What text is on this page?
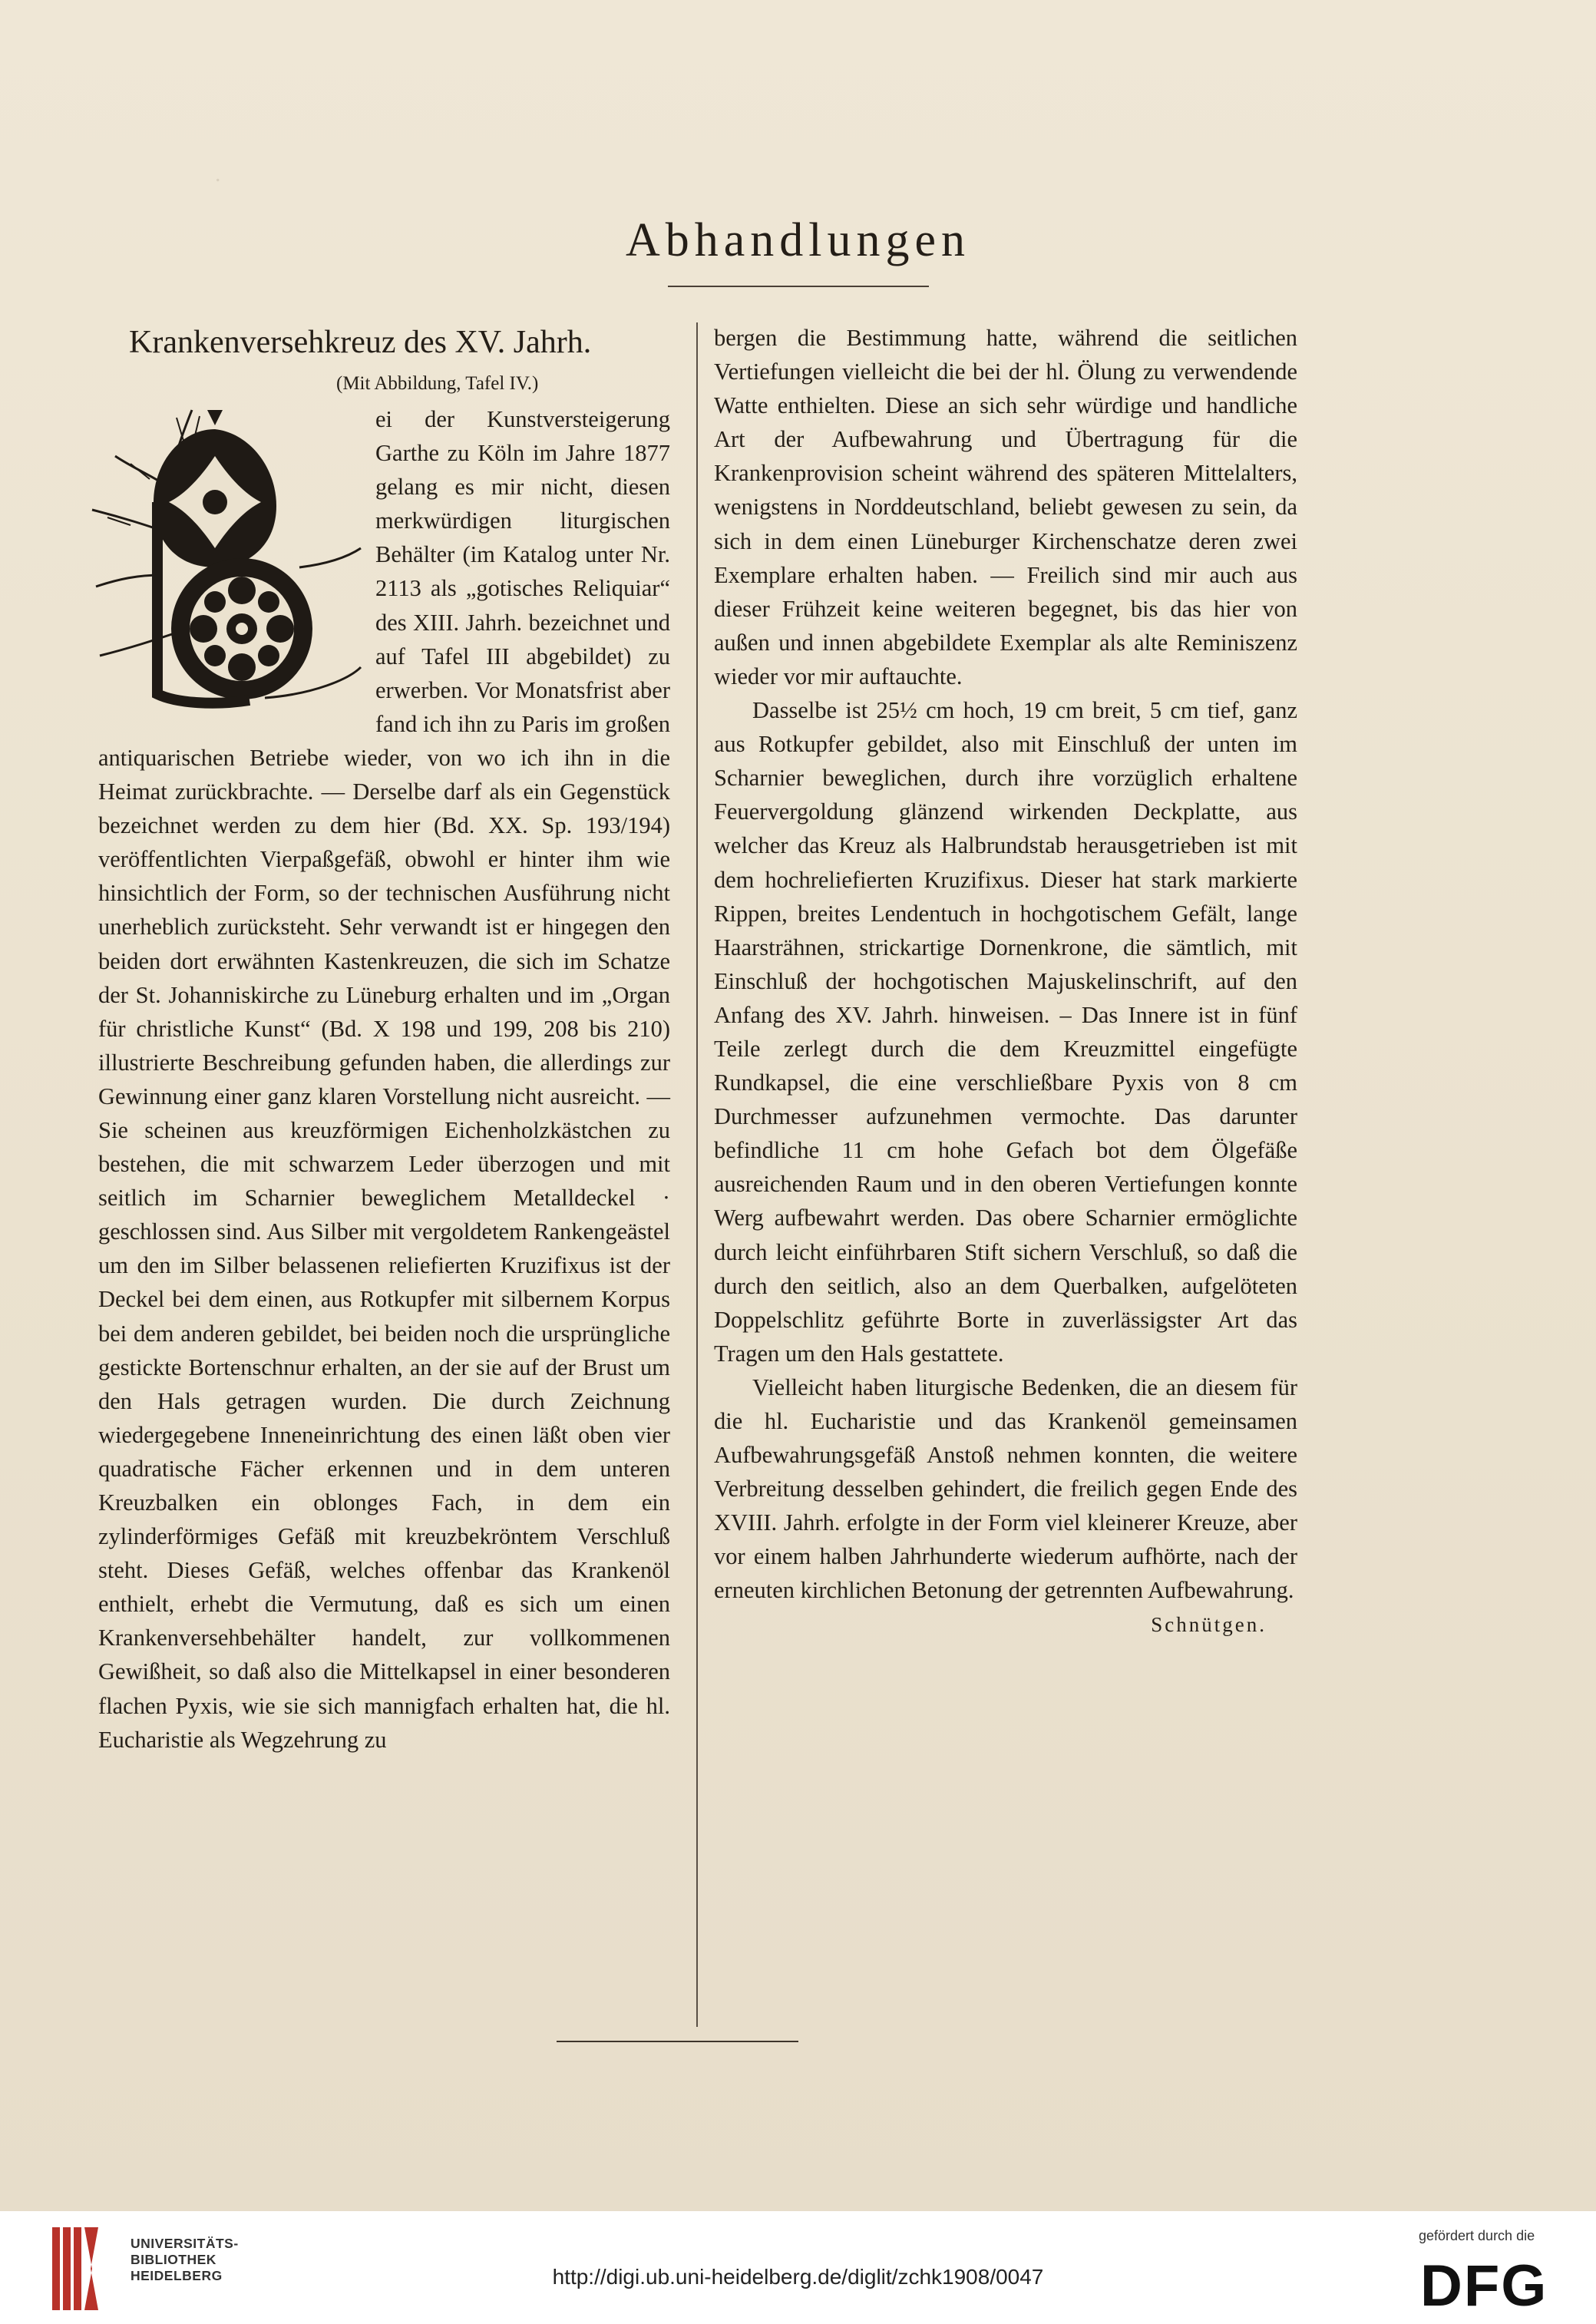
.
Abhandlungen
Krankenversehkreuz des XV. Jahrh.
(Mit Abbildung, Tafel IV.)

ei der Kunstversteigerung Garthe zu Köln im Jahre 1877 gelang es mir nicht, diesen merkwürdigen liturgischen Behälter (im Katalog unter Nr. 2113 als „gotisches Reliquiar“ des XIII. Jahrh. bezeichnet und auf Tafel III abgebildet) zu erwerben. Vor Monatsfrist aber fand ich ihn zu Paris im großen antiquarischen Betriebe wieder, von wo ich ihn in die Heimat zurückbrachte. — Derselbe darf als ein Gegenstück bezeichnet werden zu dem hier (Bd. XX. Sp. 193/194) veröffentlichten Vierpaßgefäß, obwohl er hinter ihm wie hinsichtlich der Form, so der technischen Ausführung nicht unerheblich zurücksteht. Sehr verwandt ist er hingegen den beiden dort erwähnten Kastenkreuzen, die sich im Schatze der St. Johanniskirche zu Lüneburg erhalten und im „Organ für christliche Kunst“ (Bd. X 198 und 199, 208 bis 210) illustrierte Beschreibung gefunden haben, die allerdings zur Gewinnung einer ganz klaren Vorstellung nicht ausreicht. — Sie scheinen aus kreuzförmigen Eichenholzkästchen zu bestehen, die mit schwarzem Leder überzogen und mit seitlich im Scharnier beweglichem Metalldeckel · geschlossen sind. Aus Silber mit vergoldetem Rankengeästel um den im Silber belassenen reliefierten Kruzifixus ist der Deckel bei dem einen, aus Rotkupfer mit silbernem Korpus bei dem anderen gebildet, bei beiden noch die ursprüngliche gestickte Bortenschnur erhalten, an der sie auf der Brust um den Hals getragen wurden. Die durch Zeichnung wiedergegebene Inneneinrichtung des einen läßt oben vier quadratische Fächer erkennen und in dem unteren Kreuzbalken ein oblonges Fach, in dem ein zylinderförmiges Gefäß mit kreuzbekröntem Verschluß steht. Dieses Gefäß, welches offenbar das Krankenöl enthielt, erhebt die Vermutung, daß es sich um einen Krankenversehbehälter handelt, zur vollkommenen Gewißheit, so daß also die Mittelkapsel in einer besonderen flachen Pyxis, wie sie sich mannigfach erhalten hat, die hl. Eucharistie als Wegzehrung zu

bergen die Bestimmung hatte, während die seitlichen Vertiefungen vielleicht die bei der hl. Ölung zu verwendende Watte enthielten. Diese an sich sehr würdige und handliche Art der Aufbewahrung und Übertragung für die Krankenprovision scheint während des späteren Mittelalters, wenigstens in Norddeutschland, beliebt gewesen zu sein, da sich in dem einen Lüneburger Kirchenschatze deren zwei Exemplare erhalten haben. — Freilich sind mir auch aus dieser Frühzeit keine weiteren begegnet, bis das hier von außen und innen abgebildete Exemplar als alte Reminiszenz wieder vor mir auftauchte.

Dasselbe ist 25½ cm hoch, 19 cm breit, 5 cm tief, ganz aus Rotkupfer gebildet, also mit Einschluß der unten im Scharnier beweglichen, durch ihre vorzüglich erhaltene Feuervergoldung glänzend wirkenden Deckplatte, aus welcher das Kreuz als Halbrundstab herausgetrieben ist mit dem hochreliefierten Kruzifixus. Dieser hat stark markierte Rippen, breites Lendentuch in hochgotischem Gefält, lange Haarsträhnen, strickartige Dornenkrone, die sämtlich, mit Einschluß der hochgotischen Majuskelinschrift, auf den Anfang des XV. Jahrh. hinweisen. – Das Innere ist in fünf Teile zerlegt durch die dem Kreuzmittel eingefügte Rundkapsel, die eine verschließbare Pyxis von 8 cm Durchmesser aufzunehmen vermochte. Das darunter befindliche 11 cm hohe Gefach bot dem Ölgefäße ausreichenden Raum und in den oberen Vertiefungen konnte Werg aufbewahrt werden. Das obere Scharnier ermöglichte durch leicht einführbaren Stift sichern Verschluß, so daß die durch den seitlich, also an dem Querbalken, aufgelöteten Doppelschlitz geführte Borte in zuverlässigster Art das Tragen um den Hals gestattete.

Vielleicht haben liturgische Bedenken, die an diesem für die hl. Eucharistie und das Krankenöl gemeinsamen Aufbewahrungsgefäß Anstoß nehmen konnten, die weitere Verbreitung desselben gehindert, die freilich gegen Ende des XVIII. Jahrh. erfolgte in der Form viel kleinerer Kreuze, aber vor einem halben Jahrhunderte wiederum aufhörte, nach der erneuten kirchlichen Betonung der getrennten Aufbewahrung.
Schnütgen.

UNIVERSITÄTS-
BIBLIOTHEK
HEIDELBERG	http://digi.ub.uni-heidelberg.de/diglit/zchk1908/0047
gefördert durch die
DFG
